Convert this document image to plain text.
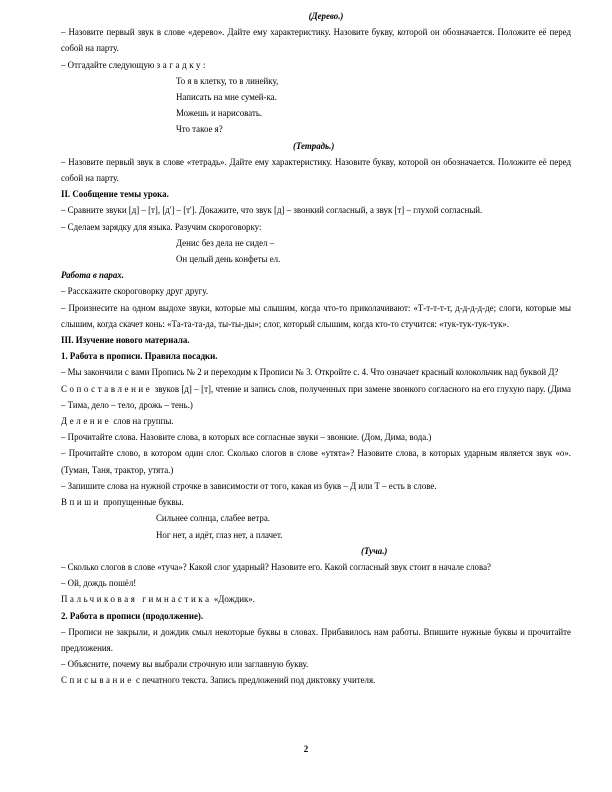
(Дерево.)

– Назовите первый звук в слове «дерево». Дайте ему характеристику. Назовите букву, которой он обозначается. Положите её перед собой на парту.

– Отгадайте следующую загадку:

То я в клетку, то в линейку,

Написать на мне сумей-ка.

Можешь и нарисовать.

Что такое я?

(Тетрадь.)

– Назовите первый звук в слове «тетрадь». Дайте ему характеристику. Назовите букву, которой он обозначается. Положите её перед собой на парту.

II. Сообщение темы урока.

– Сравните звуки [д] – [т], [д'] – [т']. Докажите, что звук [д] – звонкий согласный, а звук [т] – глухой согласный.

– Сделаем зарядку для языка. Разучим скороговорку:

Денис без дела не сидел –

Он целый день конфеты ел.

Работа в парах.

– Расскажите скороговорку друг другу.

– Произнесите на одном выдохе звуки, которые мы слышим, когда что-то приколачивают: «Т-т-т-т-т, д-д-д-д-де; слоги, которые мы слышим, когда скачет конь: «Та-та-та-да, ты-ты-ды»; слог, который слышим, когда кто-то стучится: «тук-тук-тук-тук».

III. Изучение нового материала.

1. Работа в прописи. Правила посадки.

– Мы закончили с вами Пропись № 2 и переходим к Прописи № 3. Откройте с. 4. Что означает красный колокольчик над буквой Д?

Сопоставление звуков [д] – [т], чтение и запись слов, полученных при замене звонкого согласного на его глухую пару. (Дима – Тима, дело – тело, дрожь – тень.)

Деление слов на группы.

– Прочитайте слова. Назовите слова, в которых все согласные звуки – звонкие. (Дом, Дима, вода.)

– Прочитайте слово, в котором один слог. Сколько слогов в слове «утята»? Назовите слова, в которых ударным является звук «о». (Туман, Таня, трактор, утята.)

– Запишите слова на нужной строчке в зависимости от того, какая из букв – Д или Т – есть в слове.

Впиши пропущенные буквы.

Сильнее солнца, слабее ветра.

Ног нет, а идёт, глаз нет, а плачет.

(Туча.)

– Сколько слогов в слове «туча»? Какой слог ударный? Назовите его. Какой согласный звук стоит в начале слова?

– Ой, дождь пошёл!

Пальчиковая гимнастика «Дождик».

2. Работа в прописи (продолжение).

– Прописи не закрыли, и дождик смыл некоторые буквы в словах. Прибавилось нам работы. Впишите нужные буквы и прочитайте предложения.

– Объясните, почему вы выбрали строчную или заглавную букву.

Списывание с печатного текста. Запись предложений под диктовку учителя.

2
